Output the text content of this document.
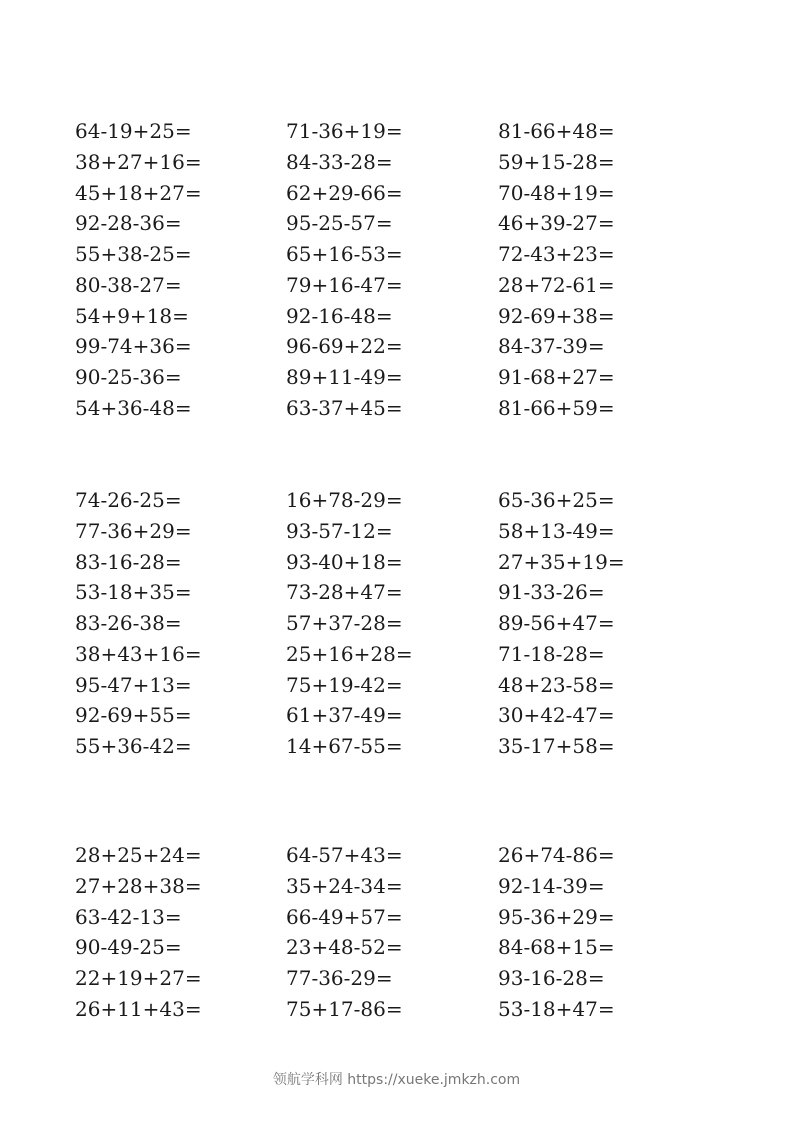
64-19+25=
38+27+16=
45+18+27=
92-28-36=
55+38-25=
80-38-27=
54+9+18=
99-74+36=
90-25-36=
54+36-48=
71-36+19=
84-33-28=
62+29-66=
95-25-57=
65+16-53=
79+16-47=
92-16-48=
96-69+22=
89+11-49=
63-37+45=
81-66+48=
59+15-28=
70-48+19=
46+39-27=
72-43+23=
28+72-61=
92-69+38=
84-37-39=
91-68+27=
81-66+59=
74-26-25=
77-36+29=
83-16-28=
53-18+35=
83-26-38=
38+43+16=
95-47+13=
92-69+55=
55+36-42=
16+78-29=
93-57-12=
93-40+18=
73-28+47=
57+37-28=
25+16+28=
75+19-42=
61+37-49=
14+67-55=
65-36+25=
58+13-49=
27+35+19=
91-33-26=
89-56+47=
71-18-28=
48+23-58=
30+42-47=
35-17+58=
28+25+24=
27+28+38=
63-42-13=
90-49-25=
22+19+27=
26+11+43=
64-57+43=
35+24-34=
66-49+57=
23+48-52=
77-36-29=
75+17-86=
26+74-86=
92-14-39=
95-36+29=
84-68+15=
93-16-28=
53-18+47=
领航学科网 https://xueke.jmkzh.com
